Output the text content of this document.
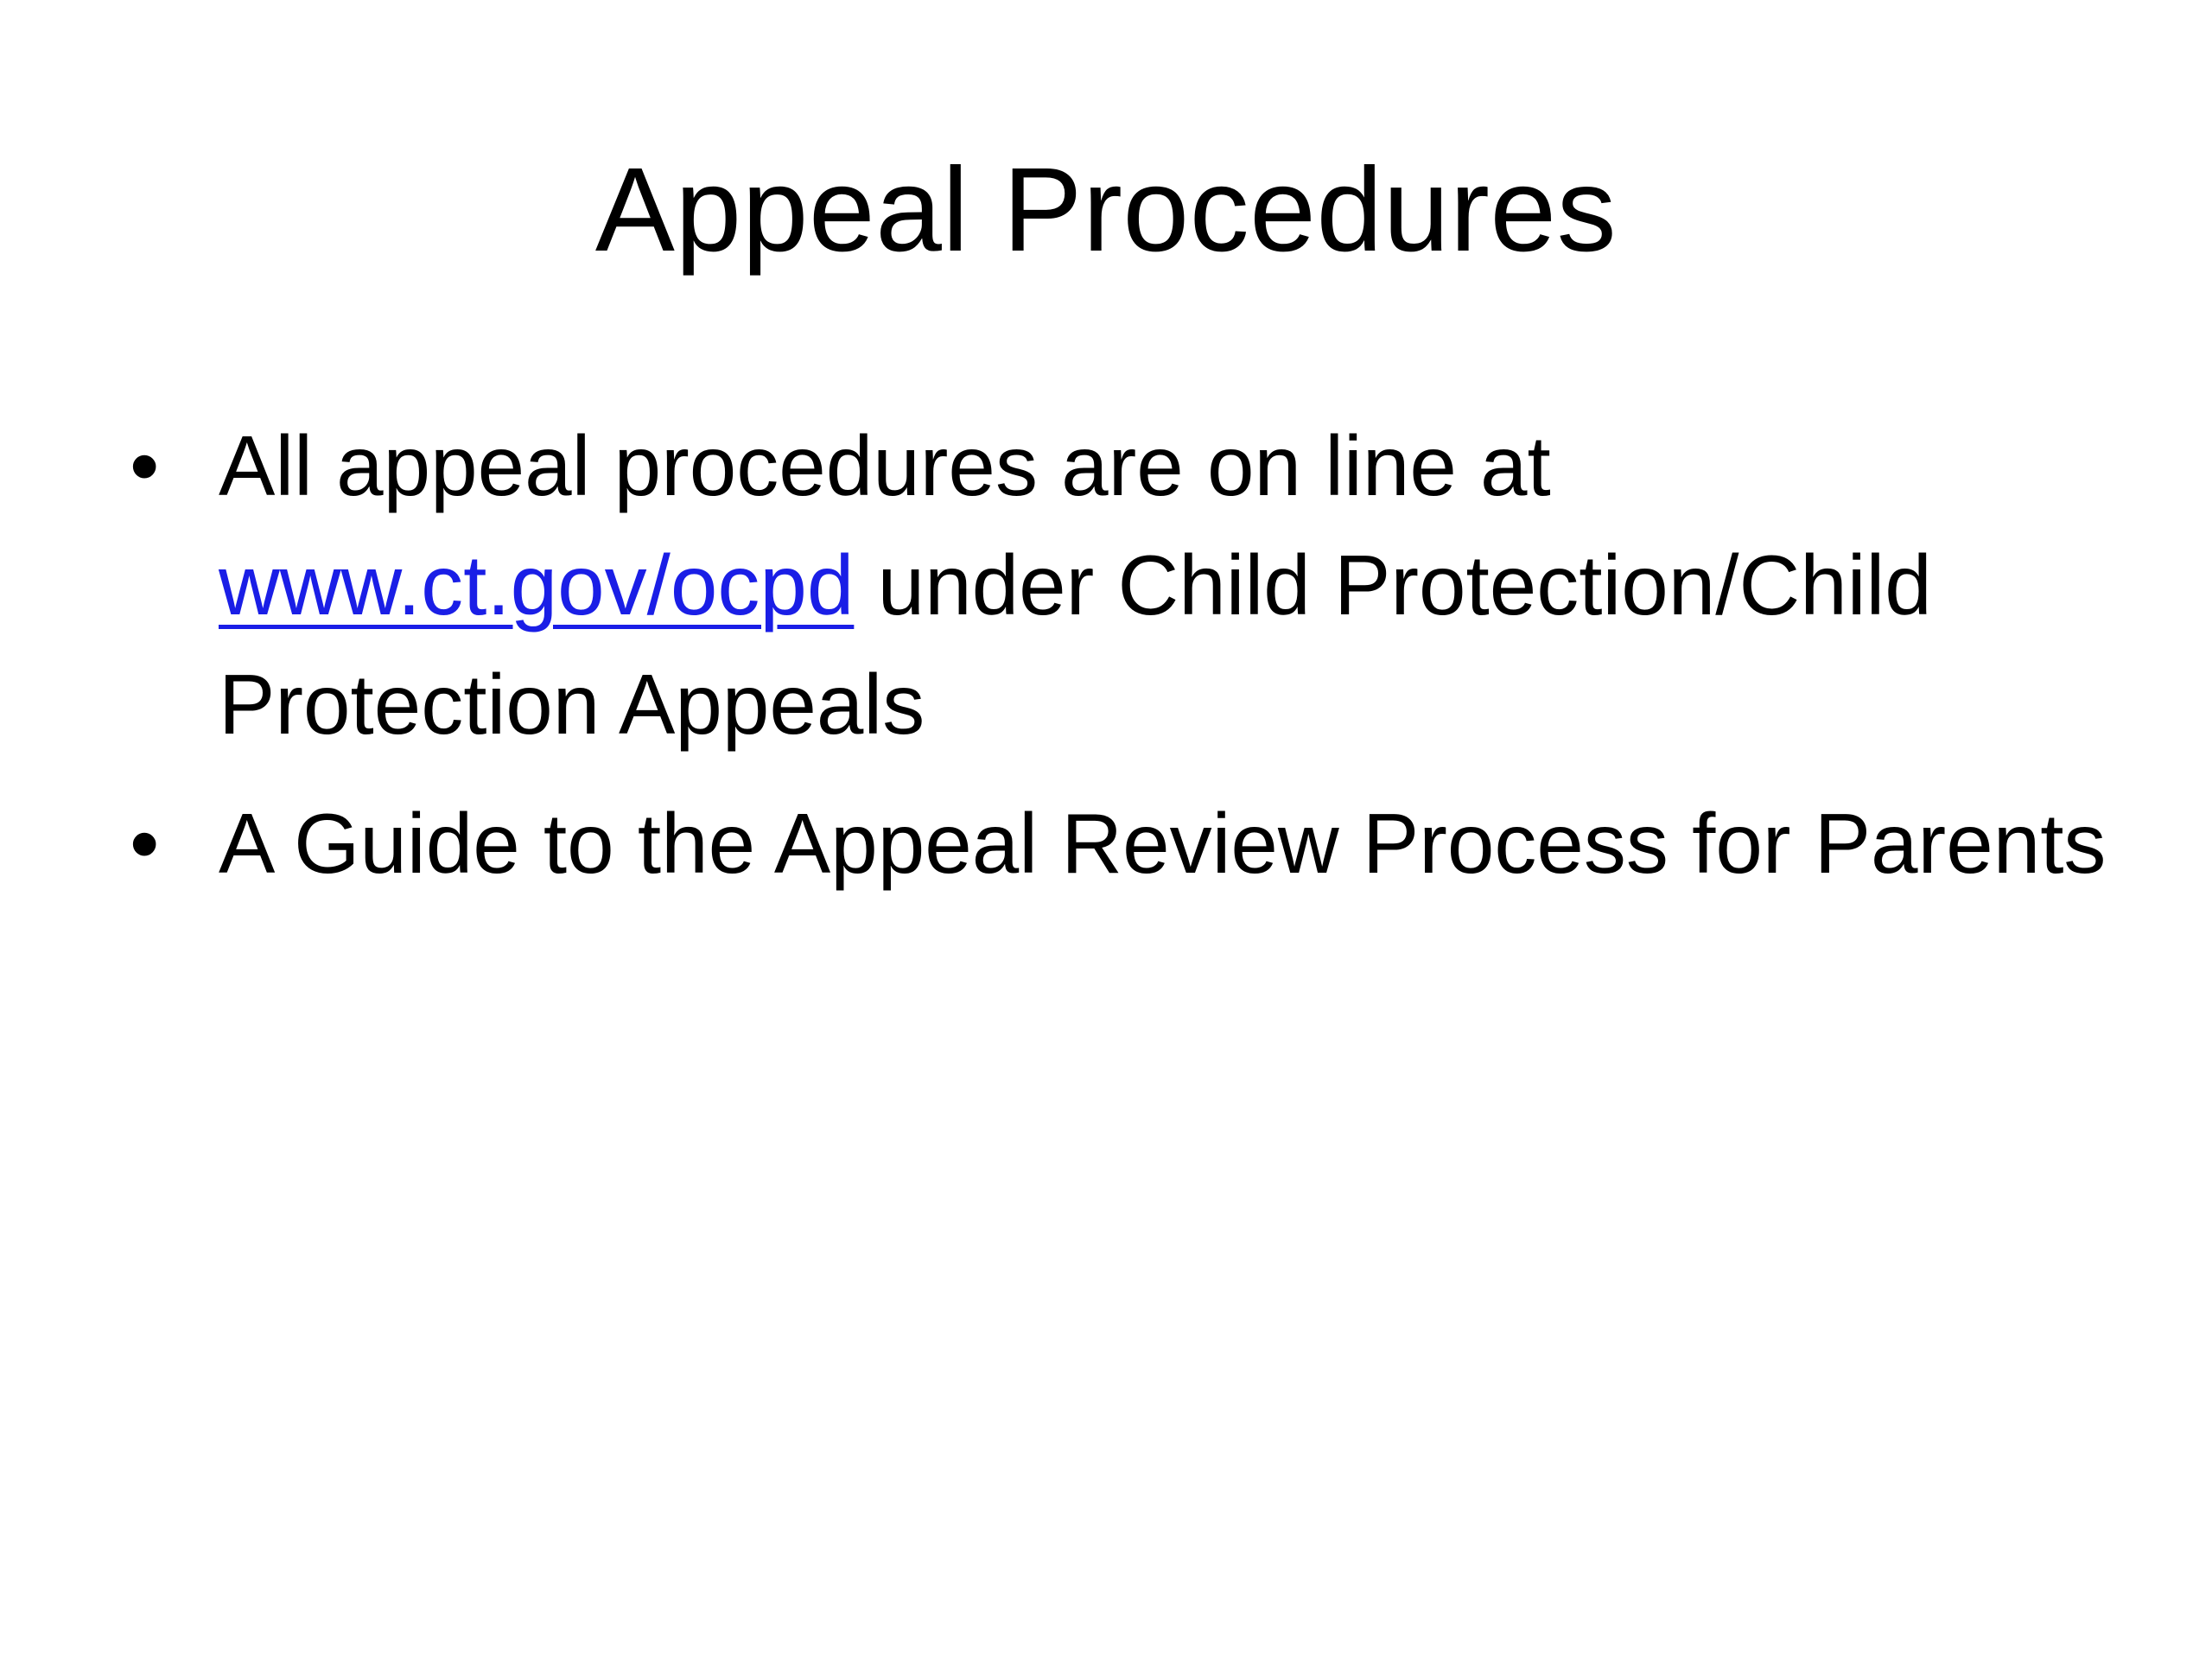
Appeal Procedures
• All appeal procedures are on line at www.ct.gov/ocpd under Child Protection/Child Protection Appeals
• A Guide to the Appeal Review Process for Parents
